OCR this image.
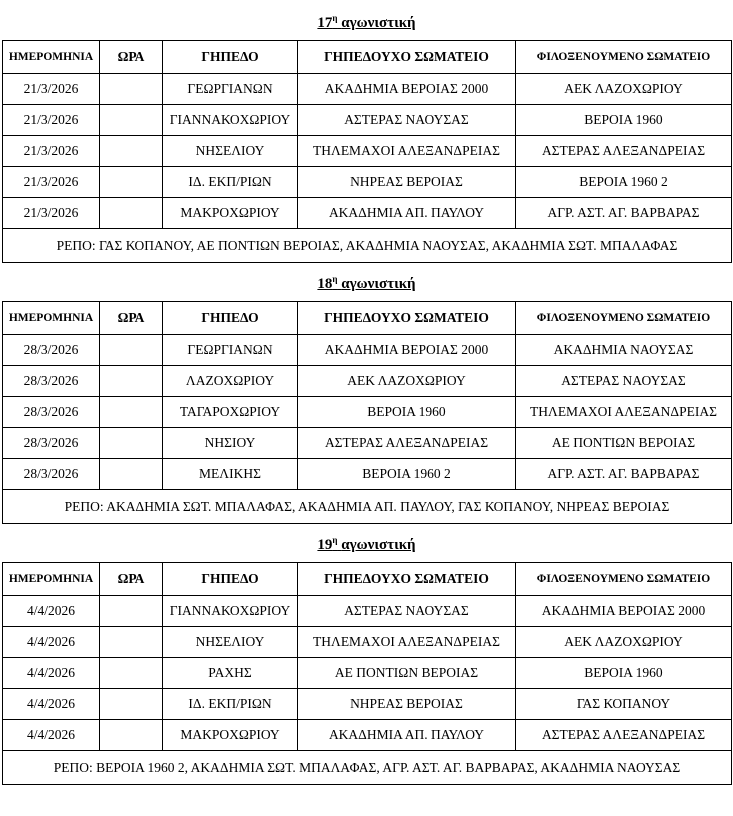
$17^\eta$ αγωνιστική
ΗΜΕΡΟΜΗΝΙΑ	ΩΡΑ	ΓΗΠΕΔΟ	ΓΗΠΕΔΟΥΧΟ ΣΩΜΑΤΕΙΟ	ΦΙΛΟΞΕΝΟΥΜΕΝΟ ΣΩΜΑΤΕΙΟ
21/3/2026		ΓΕΩΡΓΙΑΝΩΝ	ΑΚΑΔΗΜΙΑ ΒΕΡΟΙΑΣ 2000	ΑΕΚ ΛΑΖΟΧΩΡΙΟΥ
21/3/2026		ΓΙΑΝΝΑΚΟΧΩΡΙΟΥ	ΑΣΤΕΡΑΣ ΝΑΟΥΣΑΣ	ΒΕΡΟΙΑ 1960
21/3/2026		ΝΗΣΕΛΙΟΥ	ΤΗΛΕΜΑΧΟΙ ΑΛΕΞΑΝΔΡΕΙΑΣ	ΑΣΤΕΡΑΣ ΑΛΕΞΑΝΔΡΕΙΑΣ
21/3/2026		ΙΔ. ΕΚΠ/ΡΙΩΝ	ΝΗΡΕΑΣ ΒΕΡΟΙΑΣ	ΒΕΡΟΙΑ 1960 2
21/3/2026		ΜΑΚΡΟΧΩΡΙΟΥ	ΑΚΑΔΗΜΙΑ ΑΠ. ΠΑΥΛΟΥ	ΑΓΡ. ΑΣΤ. ΑΓ. ΒΑΡΒΑΡΑΣ
ΡΕΠΟ: ΓΑΣ ΚΟΠΑΝΟΥ, ΑΕ ΠΟΝΤΙΩΝ ΒΕΡΟΙΑΣ, ΑΚΑΔΗΜΙΑ ΝΑΟΥΣΑΣ, ΑΚΑΔΗΜΙΑ ΣΩΤ. ΜΠΑΛΑΦΑΣ				
$18^\eta$ αγωνιστική
ΗΜΕΡΟΜΗΝΙΑ	ΩΡΑ	ΓΗΠΕΔΟ	ΓΗΠΕΔΟΥΧΟ ΣΩΜΑΤΕΙΟ	ΦΙΛΟΞΕΝΟΥΜΕΝΟ ΣΩΜΑΤΕΙΟ
28/3/2026		ΓΕΩΡΓΙΑΝΩΝ	ΑΚΑΔΗΜΙΑ ΒΕΡΟΙΑΣ 2000	ΑΚΑΔΗΜΙΑ ΝΑΟΥΣΑΣ
28/3/2026		ΛΑΖΟΧΩΡΙΟΥ	ΑΕΚ ΛΑΖΟΧΩΡΙΟΥ	ΑΣΤΕΡΑΣ ΝΑΟΥΣΑΣ
28/3/2026		ΤΑΓΑΡΟΧΩΡΙΟΥ	ΒΕΡΟΙΑ 1960	ΤΗΛΕΜΑΧΟΙ ΑΛΕΞΑΝΔΡΕΙΑΣ
28/3/2026		ΝΗΣΙΟΥ	ΑΣΤΕΡΑΣ ΑΛΕΞΑΝΔΡΕΙΑΣ	ΑΕ ΠΟΝΤΙΩΝ ΒΕΡΟΙΑΣ
28/3/2026		ΜΕΛΙΚΗΣ	ΒΕΡΟΙΑ 1960 2	ΑΓΡ. ΑΣΤ. ΑΓ. ΒΑΡΒΑΡΑΣ
ΡΕΠΟ: ΑΚΑΔΗΜΙΑ ΣΩΤ. ΜΠΑΛΑΦΑΣ, ΑΚΑΔΗΜΙΑ ΑΠ. ΠΑΥΛΟΥ, ΓΑΣ ΚΟΠΑΝΟΥ, ΝΗΡΕΑΣ ΒΕΡΟΙΑΣ				
$19^\eta$ αγωνιστική
ΗΜΕΡΟΜΗΝΙΑ	ΩΡΑ	ΓΗΠΕΔΟ	ΓΗΠΕΔΟΥΧΟ ΣΩΜΑΤΕΙΟ	ΦΙΛΟΞΕΝΟΥΜΕΝΟ ΣΩΜΑΤΕΙΟ
4/4/2026		ΓΙΑΝΝΑΚΟΧΩΡΙΟΥ	ΑΣΤΕΡΑΣ ΝΑΟΥΣΑΣ	ΑΚΑΔΗΜΙΑ ΒΕΡΟΙΑΣ 2000
4/4/2026		ΝΗΣΕΛΙΟΥ	ΤΗΛΕΜΑΧΟΙ ΑΛΕΞΑΝΔΡΕΙΑΣ	ΑΕΚ ΛΑΖΟΧΩΡΙΟΥ
4/4/2026		ΡΑΧΗΣ	ΑΕ ΠΟΝΤΙΩΝ ΒΕΡΟΙΑΣ	ΒΕΡΟΙΑ 1960
4/4/2026		ΙΔ. ΕΚΠ/ΡΙΩΝ	ΝΗΡΕΑΣ ΒΕΡΟΙΑΣ	ΓΑΣ ΚΟΠΑΝΟΥ
4/4/2026		ΜΑΚΡΟΧΩΡΙΟΥ	ΑΚΑΔΗΜΙΑ ΑΠ. ΠΑΥΛΟΥ	ΑΣΤΕΡΑΣ ΑΛΕΞΑΝΔΡΕΙΑΣ
ΡΕΠΟ: ΒΕΡΟΙΑ 1960 2, ΑΚΑΔΗΜΙΑ ΣΩΤ. ΜΠΑΛΑΦΑΣ, ΑΓΡ. ΑΣΤ. ΑΓ. ΒΑΡΒΑΡΑΣ, ΑΚΑΔΗΜΙΑ ΝΑΟΥΣΑΣ				
